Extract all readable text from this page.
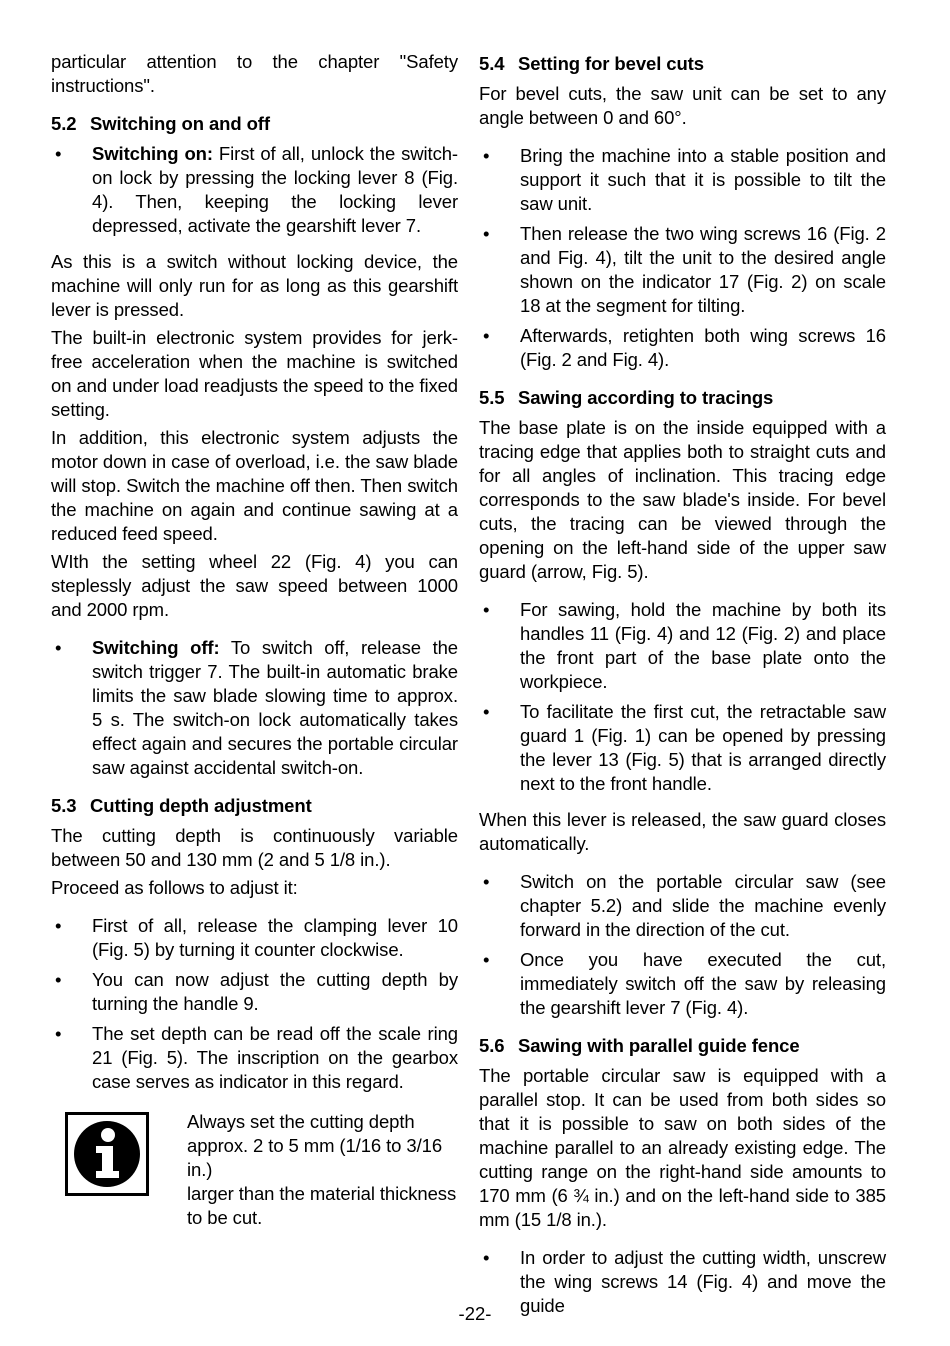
particular attention to the chapter "Safety instructions".

5.2 Switching on and off
• Switching on: First of all, unlock the switch-on lock by pressing the locking lever 8 (Fig. 4). Then, keeping the locking lever depressed, activate the gearshift lever 7.

As this is a switch without locking device, the machine will only run for as long as this gearshift lever is pressed.

The built-in electronic system provides for jerk-free acceleration when the machine is switched on and under load readjusts the speed to the fixed setting.

In addition, this electronic system adjusts the motor down in case of overload, i.e. the saw blade will stop. Switch the machine off then. Then switch the machine on again and continue sawing at a reduced feed speed.

WIth the setting wheel 22 (Fig. 4) you can steplessly adjust the saw speed between 1000 and 2000 rpm.

• Switching off: To switch off, release the switch trigger 7. The built-in automatic brake limits the saw blade slowing time to approx. 5 s. The switch-on lock automatically takes effect again and secures the portable circular saw against accidental switch-on.
5.3 Cutting depth adjustment

The cutting depth is continuously variable between 50 and 130 mm (2 and 5 1/8 in.).

Proceed as follows to adjust it:

• First of all, release the clamping lever 10 (Fig. 5) by turning it counter clockwise.
• You can now adjust the cutting depth by turning the handle 9.
• The set depth can be read off the scale ring 21 (Fig. 5). The inscription on the gearbox case serves as indicator in this regard.
Always set the cutting depth
approx. 2 to 5 mm (1/16 to 3/16 in.)
larger than the material thickness
to be cut.
5.4 Setting for bevel cuts

For bevel cuts, the saw unit can be set to any angle between 0 and 60°.

• Bring the machine into a stable position and support it such that it is possible to tilt the saw unit.
• Then release the two wing screws 16 (Fig. 2 and Fig. 4), tilt the unit to the desired angle shown on the indicator 17 (Fig. 2) on scale 18 at the segment for tilting.
• Afterwards, retighten both wing screws 16 (Fig. 2 and Fig. 4).
5.5 Sawing according to tracings

The base plate is on the inside equipped with a tracing edge that applies both to straight cuts and for all angles of inclination. This tracing edge corresponds to the saw blade's inside. For bevel cuts, the tracing can be viewed through the opening on the left-hand side of the upper saw guard (arrow, Fig. 5).

• For sawing, hold the machine by both its handles 11 (Fig. 4) and 12 (Fig. 2) and place the front part of the base plate onto the workpiece.
• To facilitate the first cut, the retractable saw guard 1 (Fig. 1) can be opened by pressing the lever 13 (Fig. 5) that is arranged directly next to the front handle.

When this lever is released, the saw guard closes automatically.

• Switch on the portable circular saw (see chapter 5.2) and slide the machine evenly forward in the direction of the cut.
• Once you have executed the cut, immediately switch off the saw by releasing the gearshift lever 7 (Fig. 4).
5.6 Sawing with parallel guide fence

The portable circular saw is equipped with a parallel stop. It can be used from both sides so that it is possible to saw on both sides of the machine parallel to an already existing edge. The cutting range on the right-hand side amounts to 170 mm (6 ¾ in.) and on the left-hand side to 385 mm (15 1/8 in.).

• In order to adjust the cutting width, unscrew the wing screws 14 (Fig. 4) and move the guide
-22-
